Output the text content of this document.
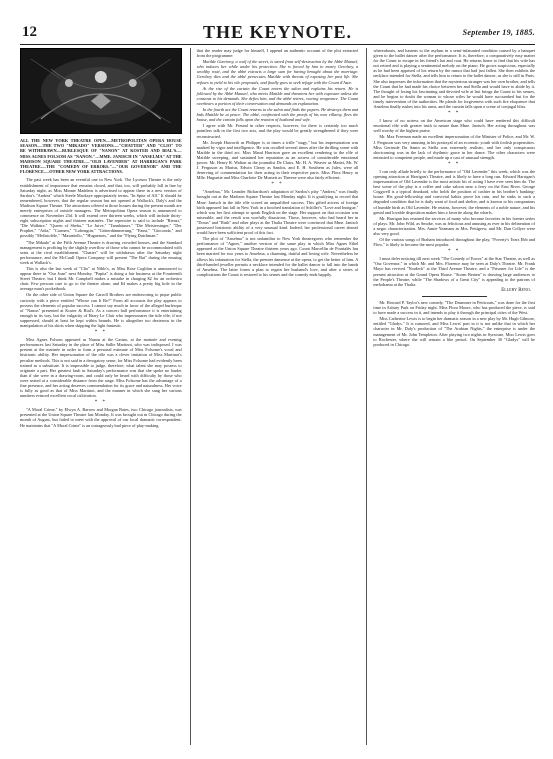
12	THE KEYNOTE.	September 19, 1885.
ALL THE NEW YORK THEATRE OPEN.—METROPOLITAN OPERA HOUSE SEASON.—THE TWO "MIKADO" VERSIONS.—"CHATTER" AND "CLIO" TO BE WITHDRAWN.—BURLESQUE OF "NANON" AT KOSTER AND BIAL'S.—MISS AGNES FOLSOM AS "NANON."—MME. JANISCH IN "ANSELMA" AT THE MADISON SQUARE THEATRE.—"OLD LAVENDER" AT HARRIGAN'S PARK THEATRE.—THE "COMEDY OF ERRORS."—"OUR GOVERNOR" AND THE FLORENCE.—OTHER NEW YORK ATTRACTIONS.

The past week has been an eventful one in New York. The Lyceum Theatre is the only establishment of importance that remains closed, and that, too, will probably fall in line by Saturday night, as Miss Minnie Maddern is advertised to appear there in a new version of Sardou's "Andrea" which Steele Mackaye appropriately terms, "In Spite of All." It should be remembered, however, that the regular season has not opened at Wallack's, Daly's and the Madison Square Theatre. The attractions offered at those houses during the present month are merely enterprises of outside managers. The Metropolitan Opera season is announced to commence on November 23d. It will extend over thirteen weeks, which will include thirty-eight subscription nights and thirteen matinées. The repertoire is said to include "Rienzi," "Die Walküre," "Queen of Sheba," "Le Juive," "Tannhäuser," "Die Meistersinger," "Der Prophet," "Aïda," "Carmen," "Lohengrin," "Götterdämmerung," "Faust," "Gioconda," and possibly "Mefistofèle," "Masaniello," "Huguenots," and the "Flying Dutchman."

"The Mikado" at the Fifth Avenue Theatre is drawing crowded houses, and the Standard management is profiting by the slightly overflow of those who cannot be accommodated with seats at the rival establishment. "Chatter" will be withdrawn after the Saturday night performance, and the McCaull Opera Company will present "The Bat" during the ensuing week at Wallack's.

This is also the last week of "Clio" at Niblo's, as Miss Rose Coghlan is announced to appear there in "Our Joan" next Monday. "Papita" is doing a fair business at the Fourteenth Street Theatre, but I think Mr. Campbell makes a mistake in charging $2 for an orchestra chair. Few persons care to go to the theatre alone, and $4 makes a pretty big hole in the average man's pocketbook.

On the other side of Union Square the Carroll Brothers are endeavoring to pique public curiosity with a piece entitled "Whose can It Be?" From all accounts the play appears to possess the elements of popular success. I cannot say much in favor of the alleged burlesque of "Nanon" presented at Koster & Bial's. As a concert hall performance it is entertaining enough in its way, but the vulgarity of Harry Le Clair who impersonates the title rôle, if not suppressed, should at least be kept within bounds. He is altogether too dexterous in the manipulation of his skirts when skipping the light fantastic.

* *

Miss Agnes Folsom appeared as Nanon at the Casino, at the matinée and evening performances last Saturday in the place of Miss Sallie Martinot, who was indisposed. I was present at the matinée in order to form a personal estimate of Miss Folsome's vocal and histrionic ability. Her impersonation of the rôle was a clever imitation of Miss Martinot's peculiar methods. This is not said in a derogatory sense, for Miss Folsome had evidently been trained as a substitute. It is impossible to judge, therefore, what talent she may possess to originate a part. Her greatest fault in Saturday's performance was that she spoke no louder than if she were in a drawing-room, and could only be heard with difficulty by those who were seated at a considerable distance from the stage. Miss Folsome has the advantage of a fine presence, and her acting deserves commendation for its grace and naturalness. Her voice is fully as good as that of Miss Martinot, and the manner in which she sang her various numbers evinced excellent vocal cultivation.

* *

"A Moral Crime," by Elwyn A. Barrow and Morgan Bates, two Chicago journalists, was presented at the Union Square Theatre last Monday. It was brought out in Chicago during the month of August, but failed to meet with the approval of our local dramatic correspondent. He maintains that "A Moral Crime" is an outrageously bad piece of play-making.

that the reader may judge for himself, I append an authentic account of the plot extracted from the programme:

Matilde Guerinny, a waif of the street, is saved from self-destruction by the Abbé Manuel, who induces her while under his protection. She is forced by him to marry Gerolsey, a wealthy roué, and the abbé extracts a large sum for having brought about the marriage. Gerolsey dies and the abbé persecutes Matilde with threats of exposing her past life. She refuses to yield to his vile proposals, and finally goes to seek refuge with the Count d'Azur.

At the rise of the curtain the Count enters the salon and explains his return. He is followed by the Abbé Manuel, who meets Matilde and threatens her with exposure unless she consents to his demands. She defies him, and the abbé retires, vowing vengeance. The Count overhears a portion of their conversation and demands an explanation.

In the fourth act the Count returns to the salon and finds the papers. He destroys them and bids Matilde be at peace. The abbé, confronted with the proofs of his own villainy, flees the house, and the curtain falls upon the reunion of husband and wife.

I agree with Mr. Freund in other respects, however, for there is certainly too much pointless talk in the first two acts, and the play would be greatly strengthened if they were reconstructed.

Mr. Joseph Haworth as Philippe is at times a trifle "stagy," but his impersonation was marked by vigor and intelligence. He was recalled several times after the thrilling scene with Matilde in the third act. Miss Maud Harrison gave an excellent rendering to the rôle of Matilde sweeping, and sustained her reputation as an actress of considerable emotional power. Mr. Henry R. Walton as the journalist De Clairs, Mr. H. A. Weaver as Mattei, Mr. W. J. Ferguson as Marius, Edwin Cleary as Sandos, and E. H. Southern as Jules, were all deserving of commendation for their acting in their respective parts. Miss Flora Henry as Mlle. Huguette and Miss Charlotte De Mussett as Therese were also fairly efficient.

* *

"Anselma," Mr. Leander Richardson's adaptation of Sardou's play "Andrea," was finally brought out at the Madison Square Theatre last Monday night. It is gratifying to record that Mme. Janisch in the title rôle scored an unqualified success. This gifted actress of foreign birth appeared last fall in New York in a botched translation of Schiller's "Love and Intrigue," which was her first attempt to speak English on the stage. Her support on that occasion was miserable, and the result was woefully disastrous. Those, however, who had heard her in "Doras" and "Ruth" and other plays at the Thalia Theatre were convinced that Mme. Janisch possessed histrionic ability of a very unusual kind. Indeed, her professional career abroad would have been sufficient proof of this fact.

The plot of "Anselma" is not unfamiliar to New York theatregoers who remember the performance of "Agnes," another version of the same play in which Miss Agnes Ethel appeared at the Union Square Theatre thirteen years ago. Count Marcellin de Pourtalès has been married for two years to Anselma, a charming, dutiful and loving wife. Nevertheless he allows his infatuation for Stella, the premier danseuse at the opera, to get the better of him. A third-handed jeweller permits a necklace intended for the ballet dancer to fall into the hands of Anselma. The latter forms a plan to regain her husband's love, and after a series of complications the Count is restored to his senses and the comedy ends happily.

whereabouts, and hastens to the asylum in a semi-infatuated condition caused by a banquet given to the ballet dancer after the performance. It is, therefore, a comparatively easy matter for the Count to escape in his friend's hat and coat. He returns home to find that his wife has not retired and is playing a sentimental melody on the piano. He grows suspicious, especially as he had been apprised of his return by the rumor that had just fallen. She then exhibits the necklace intended for Stella, and tells him to return to the ballet dancer, as she is still in Paris. She also impresses the information that the mysterious stranger was her own brother, and tells the Count that he had made his choice between her and Stella and would have to abide by it. The thought of losing his fascinating and devoted wife at last brings the Count to his senses, and he begins to doubt the woman to whose wiles he would have succumbed but for the timely intervention of the authorities. He pleads for forgiveness with such fire eloquence that Anselma finally rushes into his arms, and the curtain falls upon a scene of conjugal bliss.

* *

I know of no actress on the American stage who could have rendered this difficult emotional rôle with greater truth to nature than Mme. Janisch. Her acting throughout was well worthy of the highest praise.

Mr. Max Freeman made an excellent impersonation of the Minister of Police, and Mr. W. J. Ferguson was very amusing in his portrayal of an eccentric youth with foolish propensities. Miss Gertrude Du Sanin as Stella was extremely realistic, and her only conspicuous shortcoming was in the lack of rhythmic grace in her dance. The other characters were entrusted to competent people, and made up a cast of unusual strength.

* *

I can only allude briefly to the performance of "Old Lavender" this week, which was the opening attraction at Harrigan's Theatre, and is likely to have a long run. Edward Harrigan's impersonation of Old Lavender is the most artistic bit of acting I have ever seen him do. The best scene of the play is a coffee and cake saloon near a ferry on the East River. George Coggwell is a typical drunkard, who holds the position of cashier in his brother's banking-house. His good-fellowship and convivial habits prove his ruin, and he sinks to such a degraded condition that he is daily want of food and shelter, and is known to his companions of humble birth as Old Lavender. He retains, however, the elements of a noble nature, and his genial and lovable disposition makes him a favorite along the wharfs.

Mr. Harrigan has retained the services of many who became favorites in his former series of plays. Mr. John Wild, as Smoke, was as felicitous and amusing as ever in his delineation of a negro characterization. Mrs. Annie Yeamans as Mrs. Pettigrew, and Mr. Dan Collyer were also very good.

Of the various songs of Braham introduced throughout the play, "Poverty's Tears Ebb and Flow," is likely to become the most popular.

* *

I must defer noticing till next week "The Comedy of Errors" at the Star Theatre, as well as "Our Governor," in which Mr. and Mrs. Florence may be seen at Daly's Theatre. Mr. Frank Mayo has revived "Nordeck" at the Third Avenue Theatre, and a "Prisoner for Life" is the present attraction at the Grand Opera House. "Storm Beaten" is drawing large audiences to the People's Theatre, while "The Shadows of a Great City" is appealing to the patrons of melodrama at the Thalia.

Ellery Reno.

Mr. Howard P. Taylor's new comedy, "The Drummer in Petticoats," was done for the first time in Asbury Park on Friday night. Miss Flora Moore, who has produced the piece, is said to have made a success in it, and intends to play it through the principal cities of the West.

Miss Catherine Lewis is to begin her dramatic season in a new play by Mr. Hugh Gilmore, entitled "Gladys." It is rumored, and Miss Lewis' part in it is not unlike that in which her character in Mr. Daly's production of "The Arabian Nights," the enterprise is under the management of Mr. John Templeton. After playing two nights in Syracuse, Miss Lewis goes to Rochester, where she will remain a like period. On September 30 "Gladys" will be produced in Chicago.
